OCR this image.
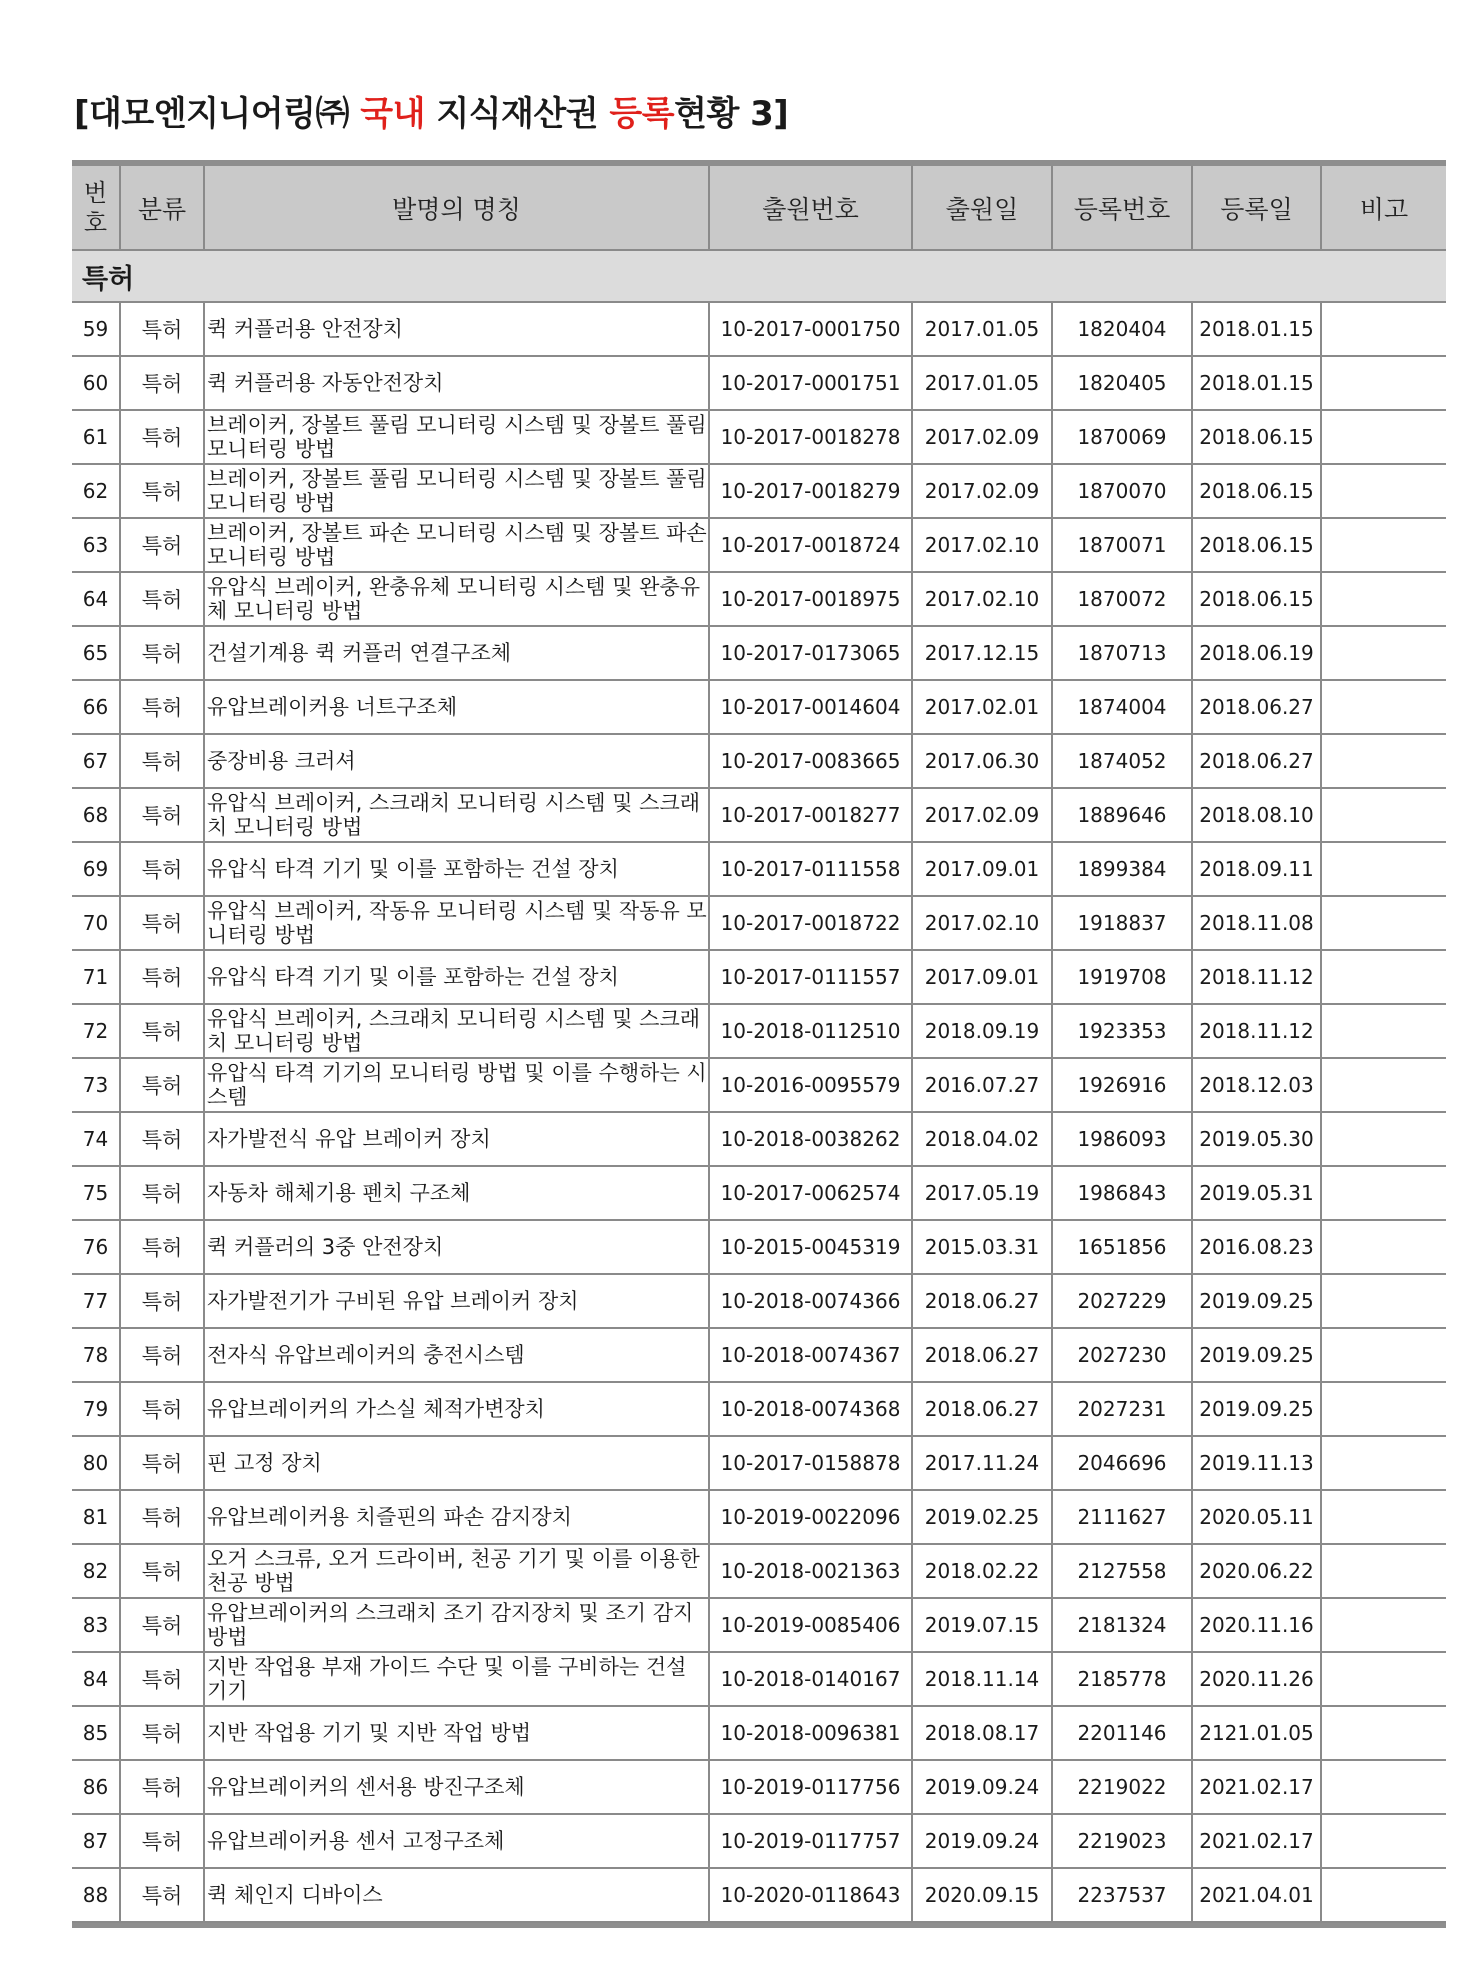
[대모엔지니어링㈜ 국내 지식재산권 등록현황 3]
번
호	분류	발명의 명칭	출원번호	출원일	등록번호	등록일	비고
특허							
59	특허	퀵 커플러용 안전장치	10-2017-0001750	2017.01.05	1820404	2018.01.15	
60	특허	퀵 커플러용 자동안전장치	10-2017-0001751	2017.01.05	1820405	2018.01.15	
61	특허	브레이커, 장볼트 풀림 모니터링 시스템 및 장볼트 풀림 모니터링 방법	10-2017-0018278	2017.02.09	1870069	2018.06.15	
62	특허	브레이커, 장볼트 풀림 모니터링 시스템 및 장볼트 풀림 모니터링 방법	10-2017-0018279	2017.02.09	1870070	2018.06.15	
63	특허	브레이커, 장볼트 파손 모니터링 시스템 및 장볼트 파손 모니터링 방법	10-2017-0018724	2017.02.10	1870071	2018.06.15	
64	특허	유압식 브레이커, 완충유체 모니터링 시스템 및 완충유체 모니터링 방법	10-2017-0018975	2017.02.10	1870072	2018.06.15	
65	특허	건설기계용 퀵 커플러 연결구조체	10-2017-0173065	2017.12.15	1870713	2018.06.19	
66	특허	유압브레이커용 너트구조체	10-2017-0014604	2017.02.01	1874004	2018.06.27	
67	특허	중장비용 크러셔	10-2017-0083665	2017.06.30	1874052	2018.06.27	
68	특허	유압식 브레이커, 스크래치 모니터링 시스템 및 스크래치 모니터링 방법	10-2017-0018277	2017.02.09	1889646	2018.08.10	
69	특허	유압식 타격 기기 및 이를 포함하는 건설 장치	10-2017-0111558	2017.09.01	1899384	2018.09.11	
70	특허	유압식 브레이커, 작동유 모니터링 시스템 및 작동유 모니터링 방법	10-2017-0018722	2017.02.10	1918837	2018.11.08	
71	특허	유압식 타격 기기 및 이를 포함하는 건설 장치	10-2017-0111557	2017.09.01	1919708	2018.11.12	
72	특허	유압식 브레이커, 스크래치 모니터링 시스템 및 스크래치 모니터링 방법	10-2018-0112510	2018.09.19	1923353	2018.11.12	
73	특허	유압식 타격 기기의 모니터링 방법 및 이를 수행하는 시스템	10-2016-0095579	2016.07.27	1926916	2018.12.03	
74	특허	자가발전식 유압 브레이커 장치	10-2018-0038262	2018.04.02	1986093	2019.05.30	
75	특허	자동차 해체기용 펜치 구조체	10-2017-0062574	2017.05.19	1986843	2019.05.31	
76	특허	퀵 커플러의 3중 안전장치	10-2015-0045319	2015.03.31	1651856	2016.08.23	
77	특허	자가발전기가 구비된 유압 브레이커 장치	10-2018-0074366	2018.06.27	2027229	2019.09.25	
78	특허	전자식 유압브레이커의 충전시스템	10-2018-0074367	2018.06.27	2027230	2019.09.25	
79	특허	유압브레이커의 가스실 체적가변장치	10-2018-0074368	2018.06.27	2027231	2019.09.25	
80	특허	핀 고정 장치	10-2017-0158878	2017.11.24	2046696	2019.11.13	
81	특허	유압브레이커용 치즐핀의 파손 감지장치	10-2019-0022096	2019.02.25	2111627	2020.05.11	
82	특허	오거 스크류, 오거 드라이버, 천공 기기 및 이를 이용한 천공 방법	10-2018-0021363	2018.02.22	2127558	2020.06.22	
83	특허	유압브레이커의 스크래치 조기 감지장치 및 조기 감지방법	10-2019-0085406	2019.07.15	2181324	2020.11.16	
84	특허	지반 작업용 부재 가이드 수단 및 이를 구비하는 건설 기기	10-2018-0140167	2018.11.14	2185778	2020.11.26	
85	특허	지반 작업용 기기 및 지반 작업 방법	10-2018-0096381	2018.08.17	2201146	2121.01.05	
86	특허	유압브레이커의 센서용 방진구조체	10-2019-0117756	2019.09.24	2219022	2021.02.17	
87	특허	유압브레이커용 센서 고정구조체	10-2019-0117757	2019.09.24	2219023	2021.02.17	
88	특허	퀵 체인지 디바이스	10-2020-0118643	2020.09.15	2237537	2021.04.01	
